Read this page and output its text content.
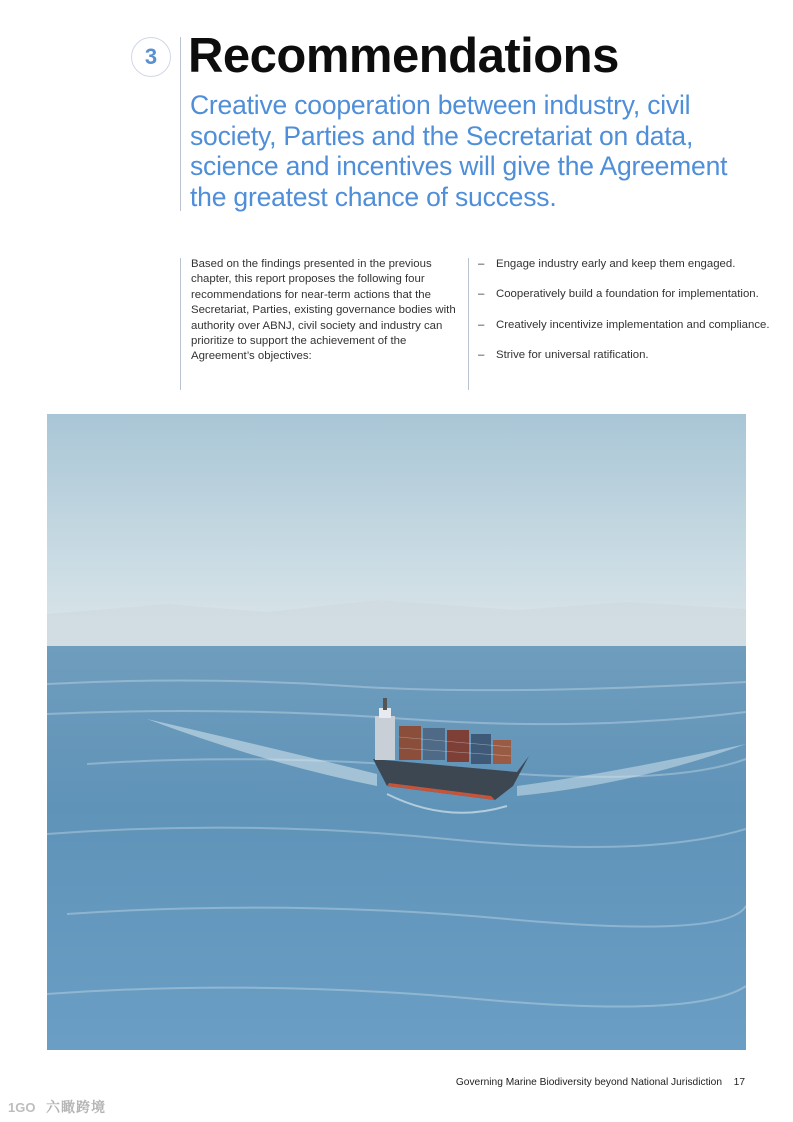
3 Recommendations

Creative cooperation between industry, civil society, Parties and the Secretariat on data, science and incentives will give the Agreement the greatest chance of success.

Based on the findings presented in the previous chapter, this report proposes the following four recommendations for near-term actions that the Secretariat, Parties, existing governance bodies with authority over ABNJ, civil society and industry can prioritize to support the achievement of the Agreement’s objectives:

– Engage industry early and keep them engaged.
– Cooperatively build a foundation for implementation.
– Creatively incentivize implementation and compliance.
– Strive for universal ratification.
Governing Marine Biodiversity beyond National Jurisdiction 17
1GO 六瞰跨境
